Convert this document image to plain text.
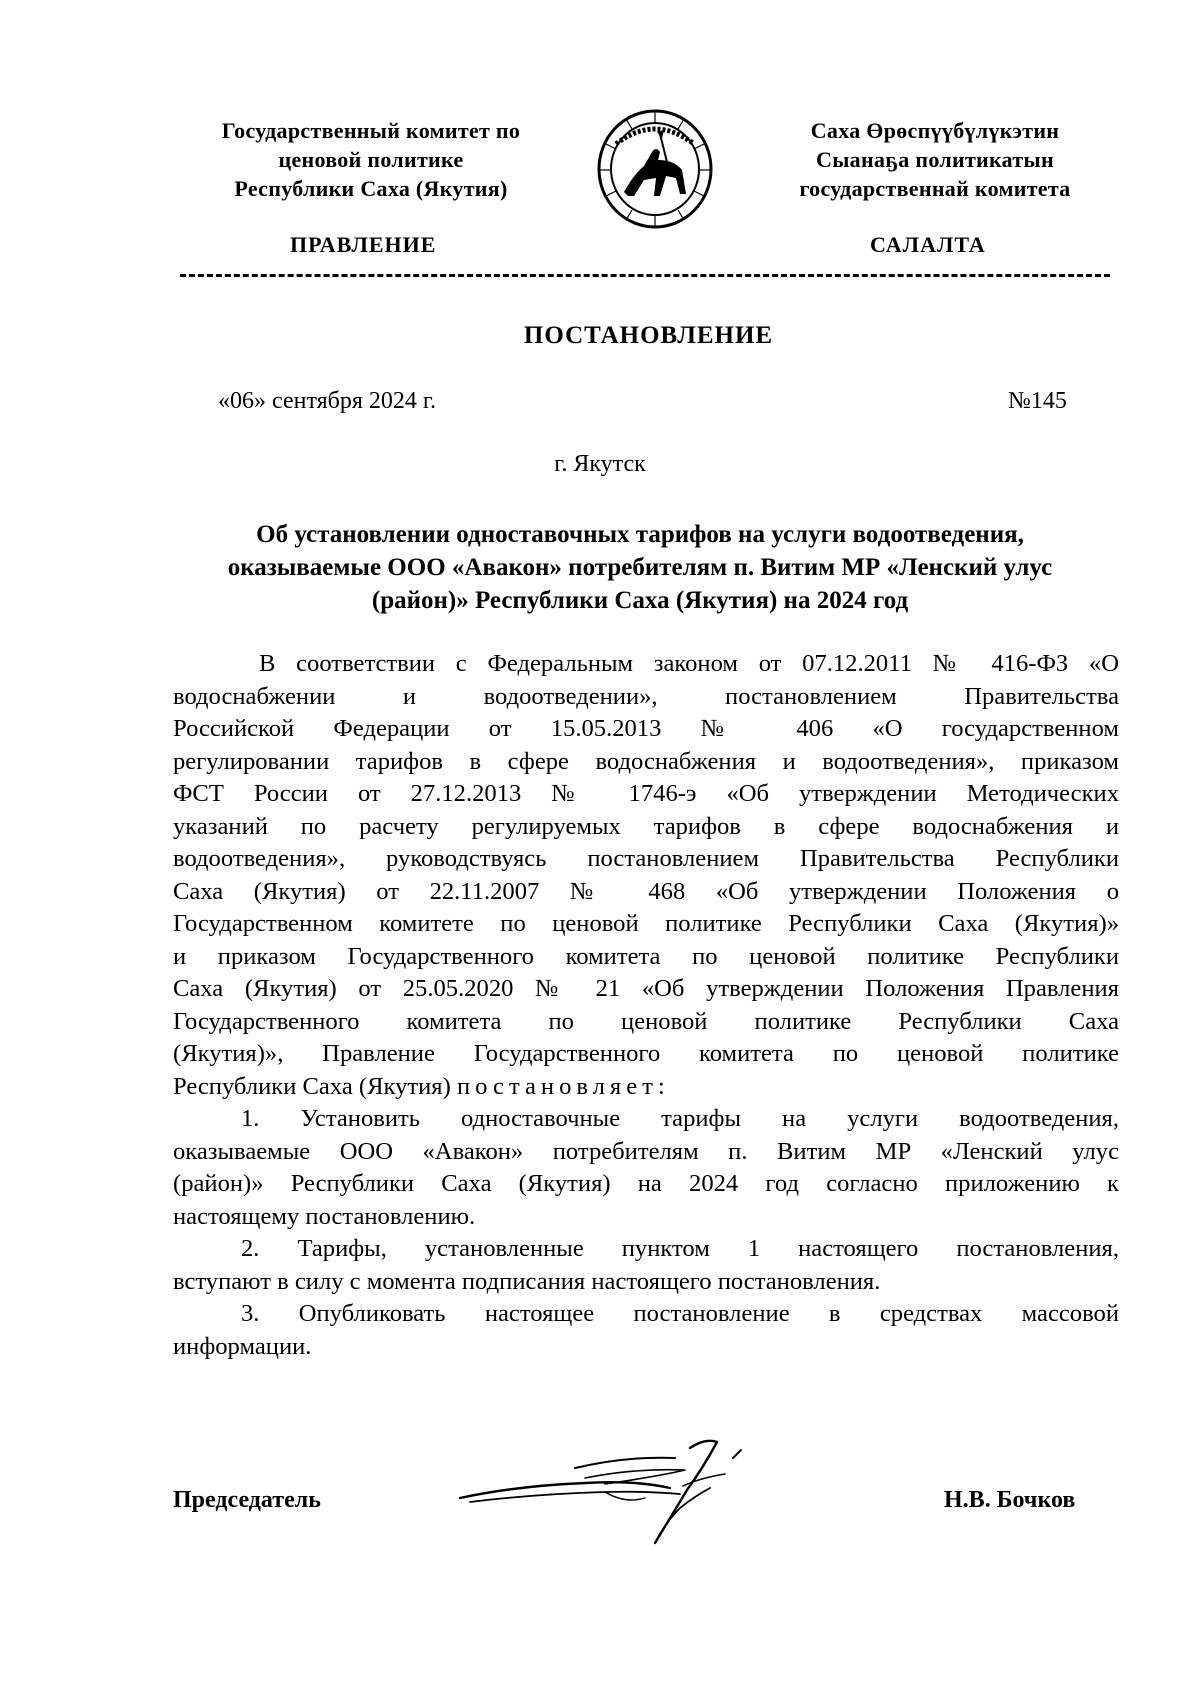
Государственный комитет по
ценовой политике
Республики Саха (Якутия)
Саха Өрөспүүбүлүкэтин
Сыанаҕа политикатын
государственнай комитета
ПРАВЛЕНИЕ	САЛАЛТА
ПОСТАНОВЛЕНИЕ
«06» сентября 2024 г.	№145
г. Якутск
Об установлении одноставочных тарифов на услуги водоотведения,
оказываемые ООО «Авакон» потребителям п. Витим МР «Ленский улус
(район)» Республики Саха (Якутия) на 2024 год
В соответствии с Федеральным законом от 07.12.2011 № 416-ФЗ «О
водоснабжении и водоотведении», постановлением Правительства
Российской Федерации от 15.05.2013 № 406 «О государственном
регулировании тарифов в сфере водоснабжения и водоотведения», приказом
ФСТ России от 27.12.2013 № 1746-э «Об утверждении Методических
указаний по расчету регулируемых тарифов в сфере водоснабжения и
водоотведения», руководствуясь постановлением Правительства Республики
Саха (Якутия) от 22.11.2007 № 468 «Об утверждении Положения о
Государственном комитете по ценовой политике Республики Саха (Якутия)»
и приказом Государственного комитета по ценовой политике Республики
Саха (Якутия) от 25.05.2020 № 21 «Об утверждении Положения Правления
Государственного комитета по ценовой политике Республики Саха
(Якутия)», Правление Государственного комитета по ценовой политике
Республики Саха (Якутия) постановляет:
1. Установить одноставочные тарифы на услуги водоотведения,
оказываемые ООО «Авакон» потребителям п. Витим МР «Ленский улус
(район)» Республики Саха (Якутия) на 2024 год согласно приложению к
настоящему постановлению.
2. Тарифы, установленные пунктом 1 настоящего постановления,
вступают в силу с момента подписания настоящего постановления.
3. Опубликовать настоящее постановление в средствах массовой
информации.
Председатель	Н.В. Бочков
